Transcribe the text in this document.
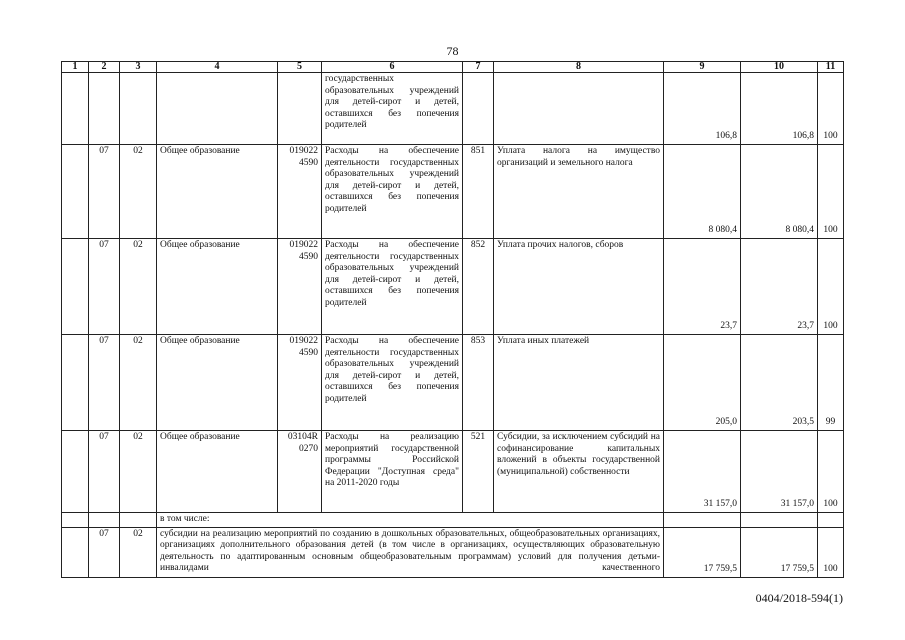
78
1	2	3	4	5	6	7	8	9	10	11
					государственных образовательных учреждений для детей-сирот и детей, оставшихся без попечения родителей			106,8	106,8	100
	07	02	Общее образование	019022 4590	Расходы на обеспечение деятельности государственных образовательных учреждений для детей-сирот и детей, оставшихся без попечения родителей	851	Уплата налога на имущество организаций и земельного налога	8 080,4	8 080,4	100
	07	02	Общее образование	019022 4590	Расходы на обеспечение деятельности государственных образовательных учреждений для детей-сирот и детей, оставшихся без попечения родителей	852	Уплата прочих налогов, сборов	23,7	23,7	100
	07	02	Общее образование	019022 4590	Расходы на обеспечение деятельности государственных образовательных учреждений для детей-сирот и детей, оставшихся без попечения родителей	853	Уплата иных платежей	205,0	203,5	99
	07	02	Общее образование	03104R 0270	Расходы на реализацию мероприятий государственной программы Российской Федерации "Доступная среда" на 2011-2020 годы	521	Субсидии, за исключением субсидий на софинансирование капитальных вложений в объекты государственной (муниципальной) собственности	31 157,0	31 157,0	100
			в том числе:							
	07	02	субсидии на реализацию мероприятий по созданию в дошкольных образовательных, общеобразовательных организациях, организациях дополнительного образования детей (в том числе в организациях, осуществляющих образовательную деятельность по адаптированным основным общеобразовательным программам) условий для получения детьми-инвалидами качественного					17 759,5	17 759,5	100
0404/2018-594(1)
